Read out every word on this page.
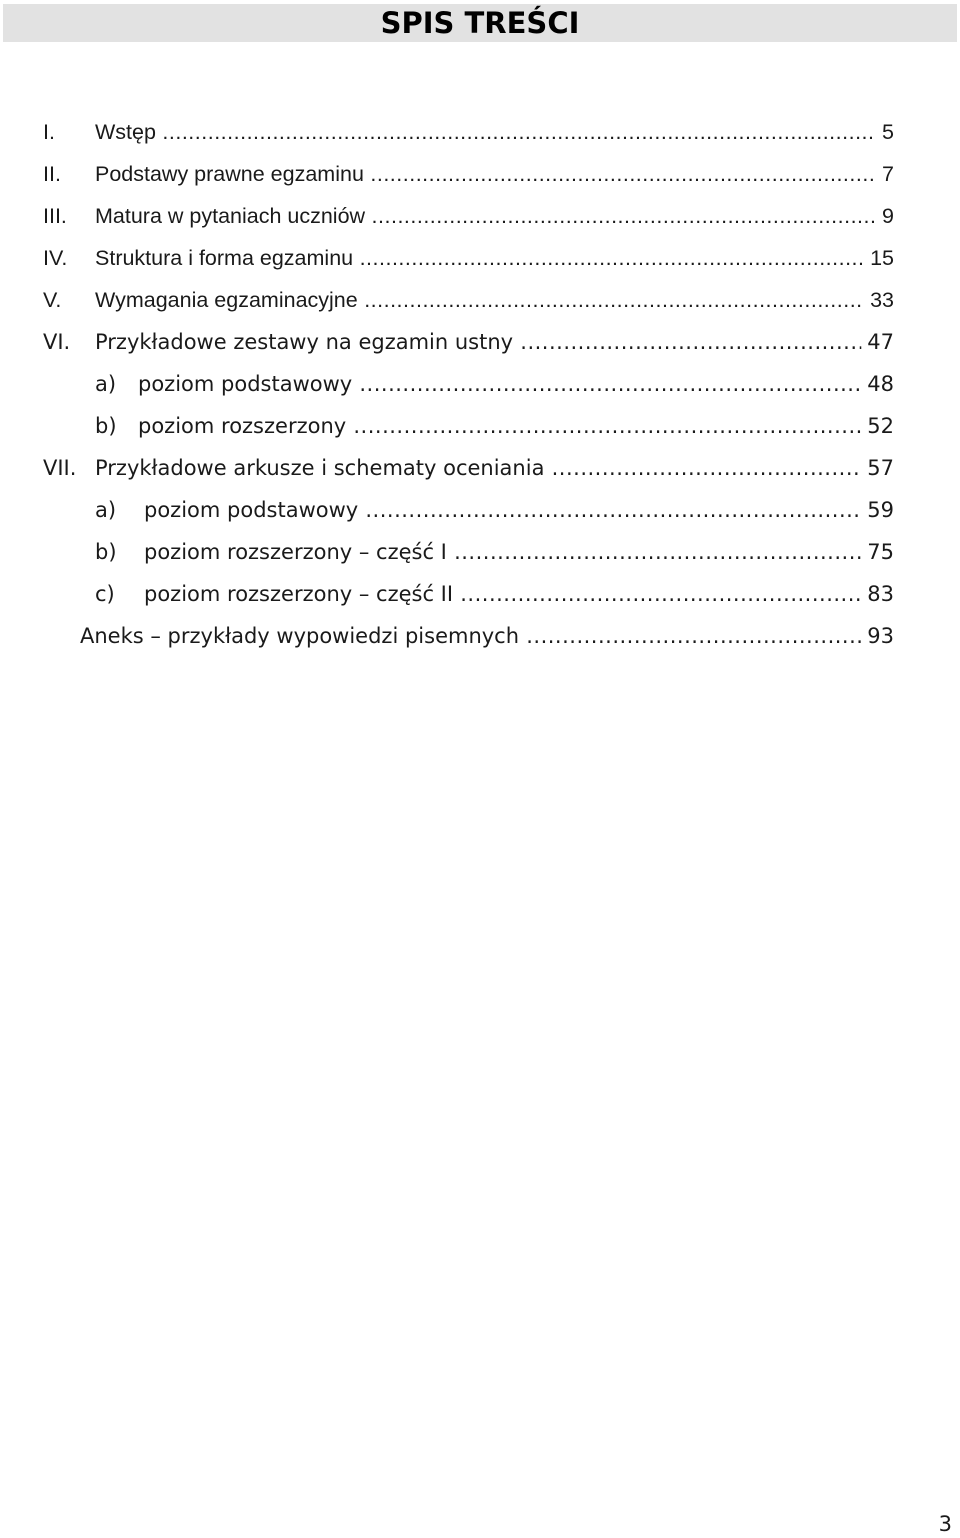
SPIS TREŚCI
I. Wstęp .....	5
II. Podstawy prawne egzaminu .....	7
III. Matura w pytaniach uczniów .....	9
IV. Struktura i forma egzaminu .....	15
V. Wymagania egzaminacyjne .....	33
VI. Przykładowe zestawy na egzamin ustny .....	47
a) poziom podstawowy .....	48
b) poziom rozszerzony .....	52
VII. Przykładowe arkusze i schematy oceniania .....	57
a) poziom podstawowy .....	59
b) poziom rozszerzony – część I .....	75
c) poziom rozszerzony – część II .....	83
Aneks – przykłady wypowiedzi pisemnych .....	93
3
